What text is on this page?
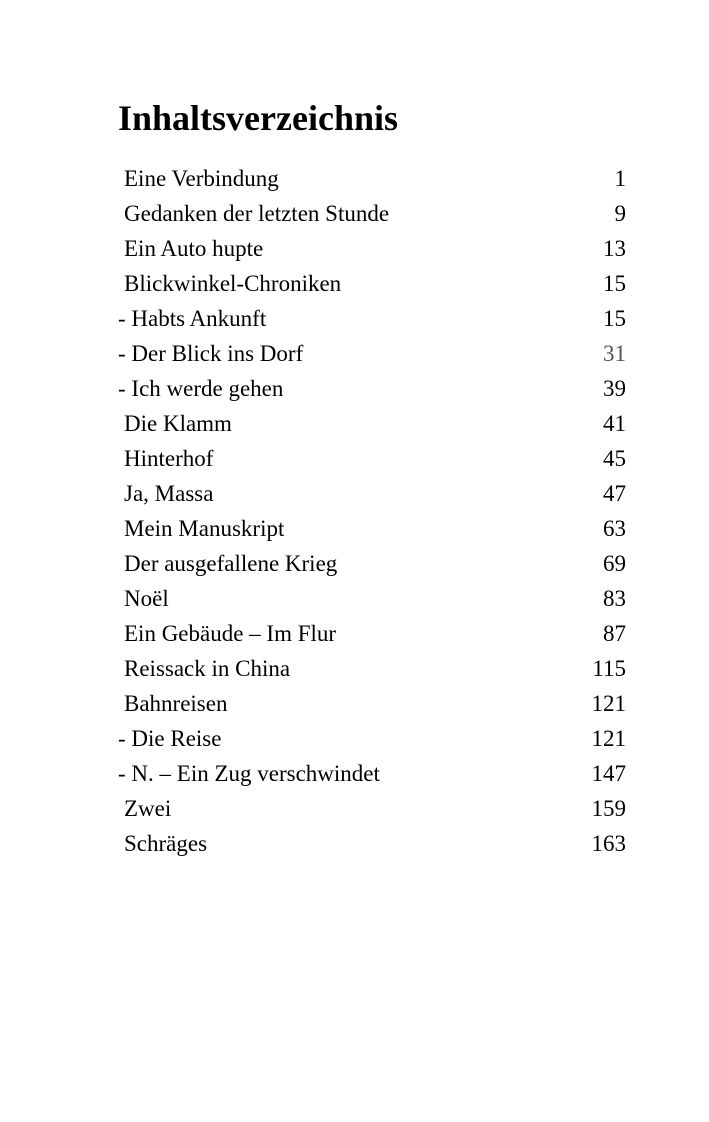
Inhaltsverzeichnis
Eine Verbindung	1
Gedanken der letzten Stunde	9
Ein Auto hupte	13
Blickwinkel-Chroniken	15
- Habts Ankunft	15
- Der Blick ins Dorf	31
- Ich werde gehen	39
Die Klamm	41
Hinterhof	45
Ja, Massa	47
Mein Manuskript	63
Der ausgefallene Krieg	69
Noël	83
Ein Gebäude – Im Flur	87
Reissack in China	115
Bahnreisen	121
- Die Reise	121
- N. – Ein Zug verschwindet	147
Zwei	159
Schräges	163
